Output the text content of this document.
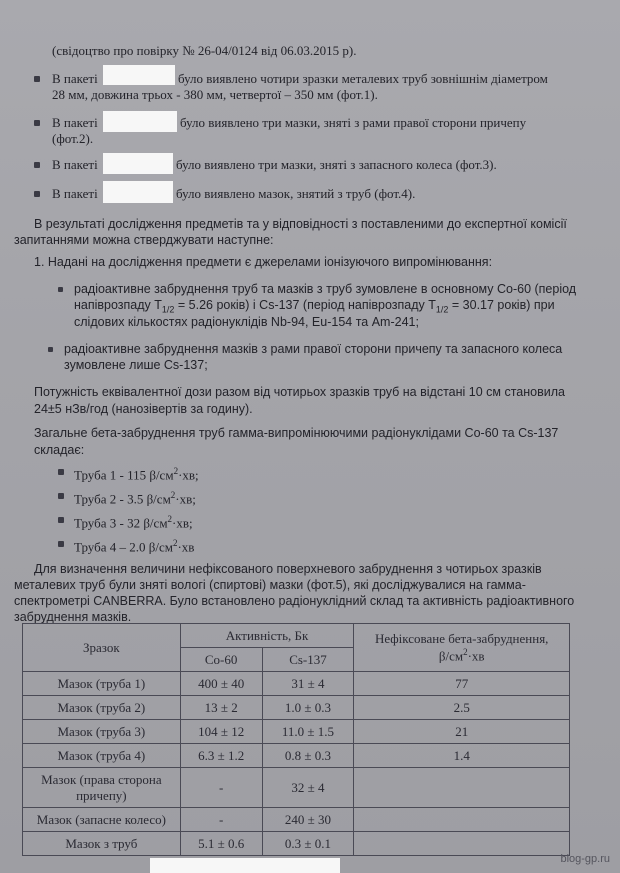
(свідоцтво про повірку № 26-04/0124 від 06.03.2015 р).
В пакеті	було виявлено чотири зразки металевих труб зовнішнім діаметром
28 мм, довжина трьох - 380 мм, четвертої – 350 мм (фот.1).
В пакеті	було виявлено три мазки, зняті з рами правої сторони причепу
(фот.2).
В пакеті	було виявлено три мазки, зняті з запасного колеса (фот.3).
В пакеті	було виявлено мазок, знятий з труб (фот.4).
В результаті дослідження предметів та у відповідності з поставленими до експертної комісії
запитаннями можна стверджувати наступне:
1. Надані на дослідження предмети є джерелами іонізуючого випромінювання:
радіоактивне забруднення труб та мазків з труб зумовлене в основному Co-60 (період
напіврозпаду $T_{1/2} = 5.26$ років) і Cs-137 (період напіврозпаду $T_{1/2} = 30.17$ років) при
слідових кількостях радіонуклідів Nb-94, Eu-154 та Am-241;
радіоактивне забруднення мазків з рами правої сторони причепу та запасного колеса
зумовлене лише Cs-137;
Потужність еквівалентної дози разом від чотирьох зразків труб на відстані 10 см становила
24±5 нЗв/год (нанозівертів за годину).
Загальне бета-забруднення труб гамма-випромінюючими радіонуклідами Co-60 та Cs-137
складає:
Труба 1 - 115 $\beta/см^2\cdot хв$;
Труба 2 - 3.5 $\beta/см^2\cdot хв$;
Труба 3 - 32 $\beta/см^2\cdot хв$;
Труба 4 – 2.0 $\beta/см^2\cdot хв$
Для визначення величини нефіксованого поверхневого забруднення з чотирьох зразків
металевих труб були зняті вологі (спиртові) мазки (фот.5), які досліджувалися на гамма-
спектрометрі CANBERRA. Було встановлено радіонуклідний склад та активність радіоактивного
забруднення мазків.
Зразок	Активність, Бк		Нефіксоване бета-забруднення,
$\beta/см^2\cdot хв$
	Co-60	Cs-137	
Мазок (труба 1)	400 ± 40	31 ± 4	77
Мазок (труба 2)	13 ± 2	1.0 ± 0.3	2.5
Мазок (труба 3)	104 ± 12	11.0 ± 1.5	21
Мазок (труба 4)	6.3 ± 1.2	0.8 ± 0.3	1.4
Мазок (права сторона причепу)	-	32 ± 4	
Мазок (запасне колесо)	-	240 ± 30	
Мазок з труб	5.1 ± 0.6	0.3 ± 0.1	
blog-gp.ru
